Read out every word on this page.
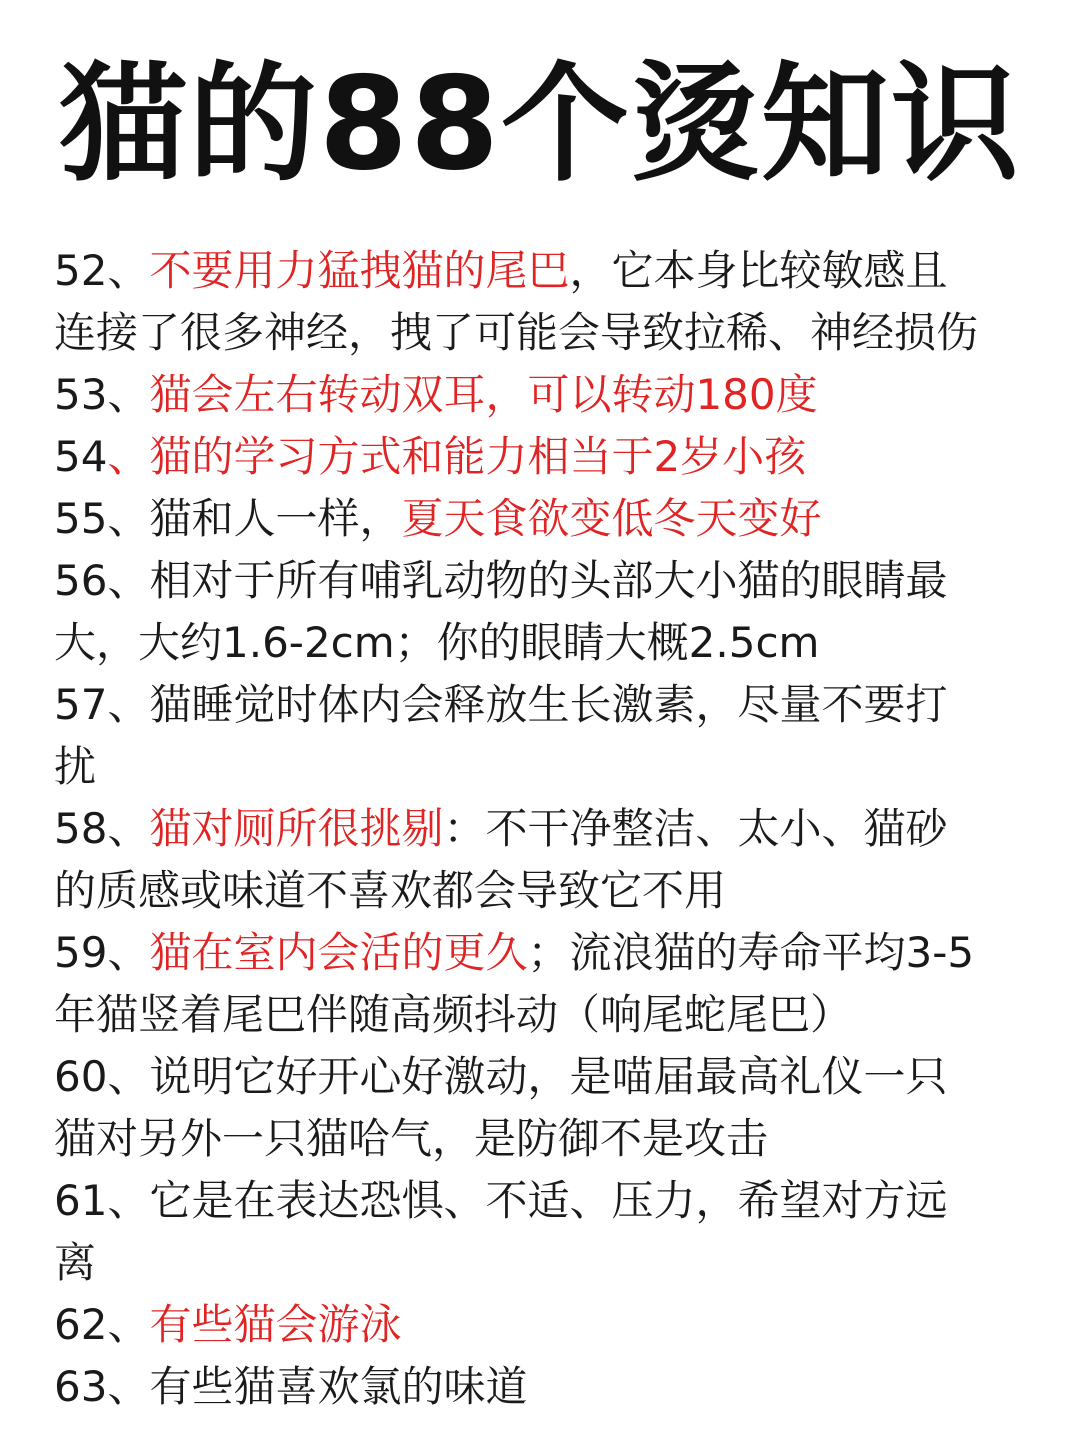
猫的88个烫知识
52、不要用力猛拽猫的尾巴，它本身比较敏感且
连接了很多神经，拽了可能会导致拉稀、神经损伤
53、猫会左右转动双耳，可以转动180度
54、猫的学习方式和能力相当于2岁小孩
55、猫和人一样，夏天食欲变低冬天变好
56、相对于所有哺乳动物的头部大小猫的眼睛最
大，大约1.6-2cm；你的眼睛大概2.5cm
57、猫睡觉时体内会释放生长激素，尽量不要打
扰
58、猫对厕所很挑剔：不干净整洁、太小、猫砂
的质感或味道不喜欢都会导致它不用
59、猫在室内会活的更久；流浪猫的寿命平均3-5
年猫竖着尾巴伴随高频抖动（响尾蛇尾巴）
60、说明它好开心好激动，是喵届最高礼仪一只
猫对另外一只猫哈气，是防御不是攻击
61、它是在表达恐惧、不适、压力，希望对方远
离
62、有些猫会游泳
63、有些猫喜欢氯的味道
